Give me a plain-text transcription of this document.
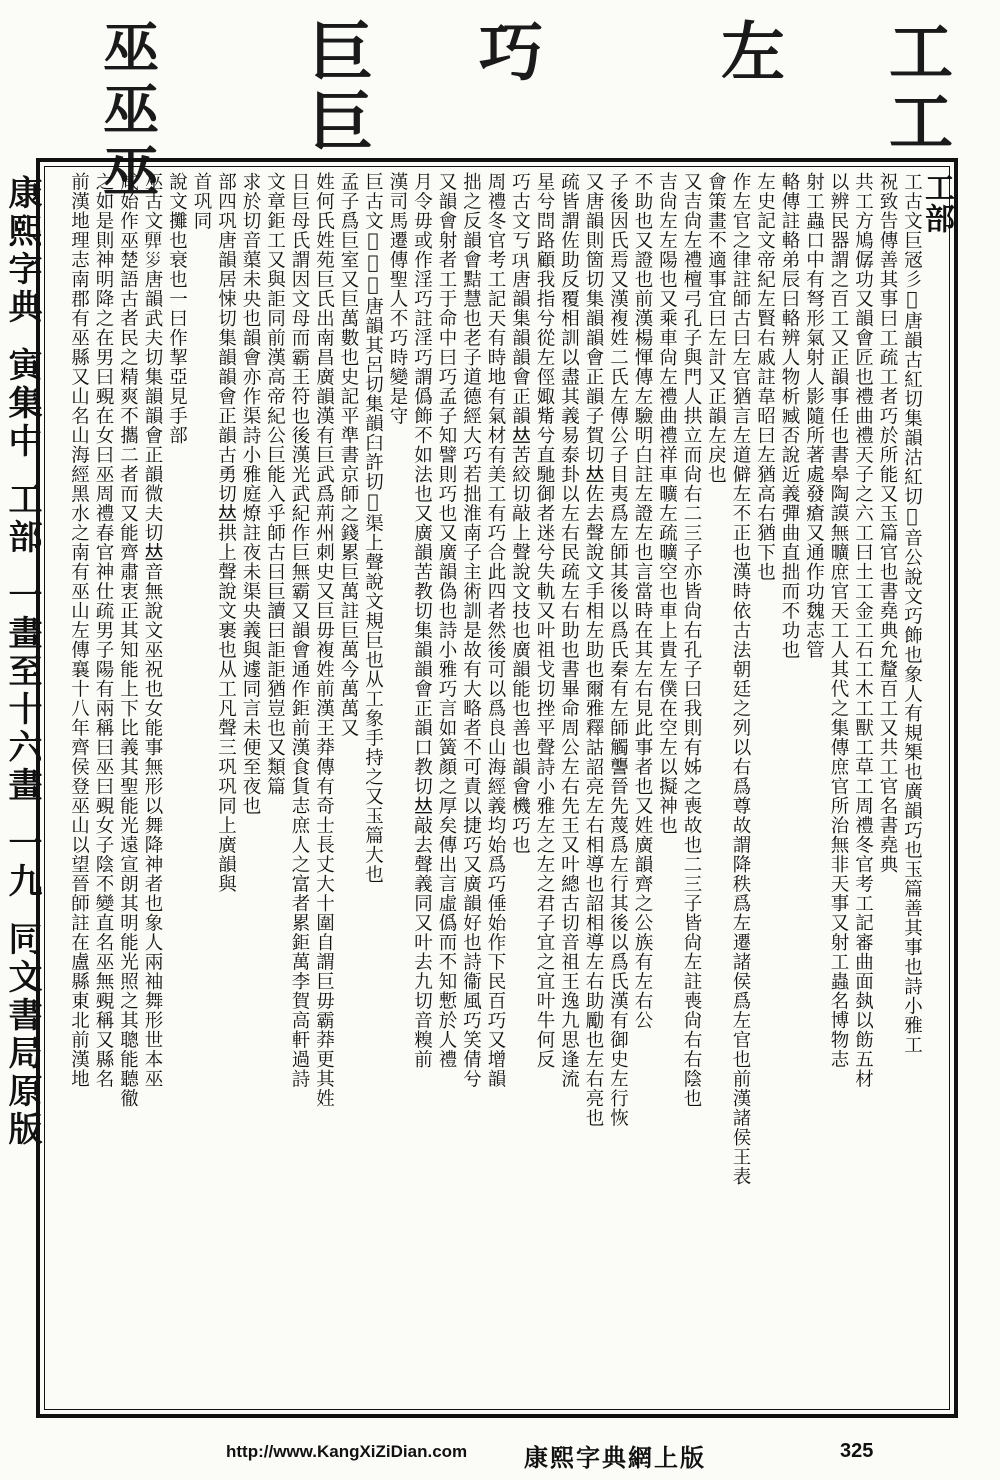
工工
左
巧
巨巨
巫巫巫
康熙字典寅集中工部一畫至十六畫一九同文書局原版

工部

工古文巨㓂彡𢒅唐韻古紅切集韻沽紅切𠀤音公說文巧飾也象人有規榘也廣韻巧也玉篇善其事也詩小雅工

祝致告傳善其事曰工疏工者巧於所能又玉篇官也書堯典允釐百工又共工官名書堯典

共工方鳩僝功又韻會匠也禮曲禮天子之六工曰土工金工石工木工獸工草工周禮冬官考工記審曲面埶以飭五材

以辨民器謂之百工又正韻事任也書皋陶謨無曠庶官天工人其代之集傳庶官所治無非天事又射工蟲名博物志

射工蟲口中有弩形氣射人影隨所著處發瘡又通作功魏志管

輅傳註輅弟辰曰輅辨人物析臧否說近義彈曲直拙而不功也

左史記文帝紀左賢右戚註韋昭曰左猶高右猶下也

作左官之律註師古曰左官猶言左道僻左不正也漢時依古法朝廷之列以右爲尊故謂降秩爲左遷諸侯爲左官也前漢諸侯王表

會策畫不適事宜曰左計又正韻左戾也

又吉尙左禮檀弓孔子與門人拱立而尙右二三子亦皆尙右孔子曰我則有姊之喪故也二三子皆尙左註喪尙右右陰也

吉尙左左陽也又乘車尙左禮曲禮祥車曠左疏曠空也車上貴左僕在空左以擬神也

不助也又證也前漢楊惲傳左驗明白註左證左也言當時在其左右見此事者也又姓廣韻齊之公族有左右公

子後因氏焉又漢複姓二氏左傳公子目夷爲左師其後以爲氏秦有左師觸讋晉先蔑爲左行其後以爲氏漢有御史左行恢

又唐韻則箇切集韻韻會正韻子賀切𠀤佐去聲說文手相左助也爾雅釋詁詔亮左右相導也詔相導左右助勵也左右亮也

疏皆謂佐助反覆相訓以盡其義易泰卦以左右民疏左右助也書畢命周公左右先王又叶總古切音祖王逸九思逢流

星兮問路顧我指兮從左俓娵觜兮直馳御者迷兮失軌又叶祖戈切挫平聲詩小雅左之左之君子宜之宜叶牛何反

巧古文丂𢀜唐韻集韻韻會正韻𠀤苦絞切敲上聲說文技也廣韻能也善也韻會機巧也

周禮冬官考工記天有時地有氣材有美工有巧合此四者然後可以爲良山海經義均始爲巧倕始作下民百巧又增韻

拙之反韻會黠慧也老子道德經大巧若拙淮南子主術訓是故有大略者不可責以捷巧又廣韻好也詩衞風巧笑倩兮

又韻會射者工于命中曰巧孟子知譬則巧也又廣韻偽也詩小雅巧言如簧顏之厚矣傳出言虛僞而不知慙於人禮

月令毋或作淫巧註淫巧謂僞飾不如法也又廣韻苦教切集韻韻會正韻口教切𠀤敲去聲義同又叶去九切音糗前

漢司馬遷傳聖人不巧時變是守

巨古文𠀵𠄗𢎗唐韻其呂切集韻臼許切𠀤渠上聲說文規巨也从工象手持之又玉篇大也

孟子爲巨室又巨萬數也史記平準書京師之錢累巨萬註巨萬今萬萬又

姓何氏姓苑巨氏出南昌廣韻漢有巨武爲荊州刺史又巨毋複姓前漢王莽傳有奇士長丈大十圍自謂巨毋霸莽更其姓

日巨母氏謂因文母而霸王符也後漢光武紀作巨無霸又韻會通作鉅前漢食貨志庶人之富者累鉅萬李賀高軒過詩

文章鉅工又與詎同前漢高帝紀公巨能入乎師古曰巨讀曰詎詎猶豈也又類篇

求於切音蕖未央也韻會亦作渠詩小雅庭燎註夜未渠央義與遽同言未便至夜也

部四巩唐韻居悚切集韻韻會正韻古勇切𠀤拱上聲說文裹也从工凡聲三巩巩同上廣韻與

首巩同

說文攤也衰也一曰作挈亞見手部

巫古文𢍳𡿪唐韻武夫切集韻韻會正韻微夫切𠀤音無說文巫祝也女能事無形以舞降神者也象人兩袖舞形世本巫

咸始作巫楚語古者民之精爽不攜二者而又能齊肅衷正其知能上下比義其聖能光遠宣朗其明能光照之其聰能聽徹

之如是則神明降之在男曰覡在女曰巫周禮春官神仕疏男子陽有兩稱曰巫曰覡女子陰不變直名巫無覡稱又縣名

前漢地理志南郡有巫縣又山名山海經黑水之南有巫山左傳襄十八年齊侯登巫山以望晉師註在盧縣東北前漢地

http://www.KangXiZiDian.com 康熙字典網上版	325
